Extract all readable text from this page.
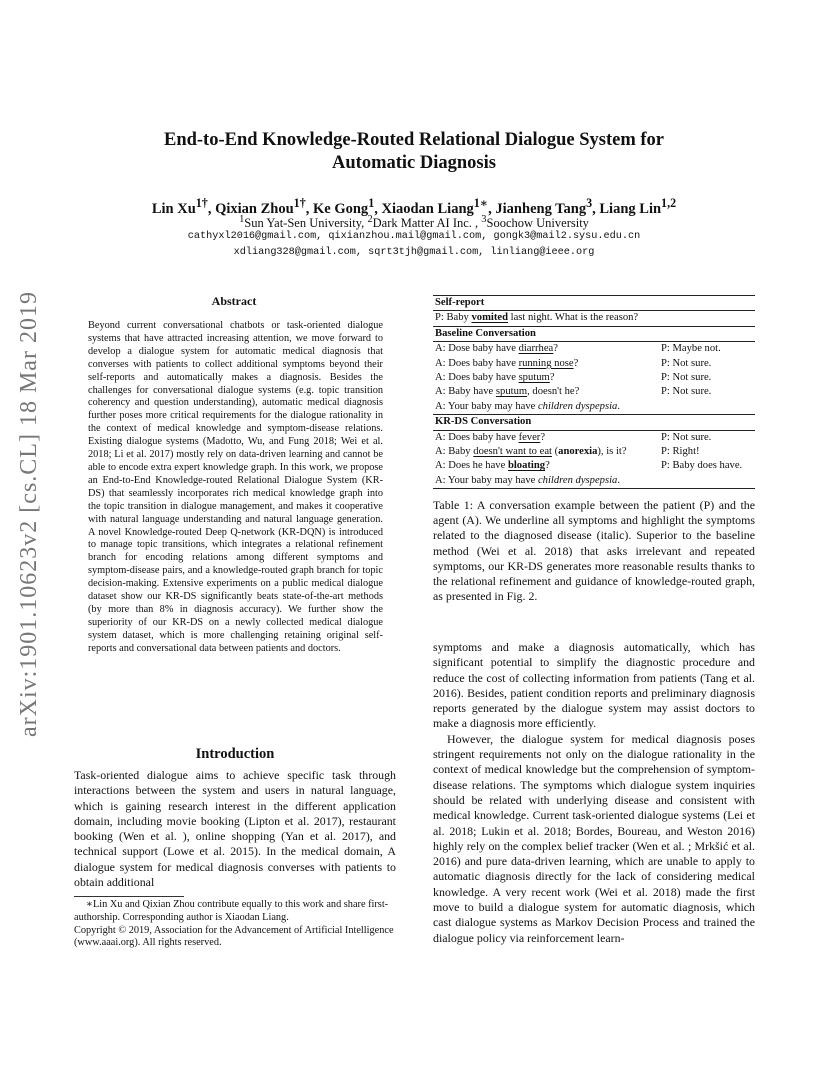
arXiv:1901.10623v2 [cs.CL] 18 Mar 2019
End-to-End Knowledge-Routed Relational Dialogue System for
Automatic Diagnosis
Lin $Xu^{1\dagger}$, Qixian Zhou$^{1\dagger}$, Ke Gong$^1$, Xiaodan Liang$^{1∗}$, Jianheng Tang$^3$, Liang Lin$^{1,2}$
$^1$Sun Yat-Sen University, $^2$Dark Matter AI Inc. , $^3$Soochow University
cathyxl2016@gmail.com, qixianzhou.mail@gmail.com, gongk3@mail2.sysu.edu.cn
xdliang328@gmail.com, sqrt3tjh@gmail.com, linliang@ieee.org
Abstract
Beyond current conversational chatbots or task-oriented dialogue systems that have attracted increasing attention, we move forward to develop a dialogue system for automatic medical diagnosis that converses with patients to collect additional symptoms beyond their self-reports and automatically makes a diagnosis. Besides the challenges for conversational dialogue systems (e.g. topic transition coherency and question understanding), automatic medical diagnosis further poses more critical requirements for the dialogue rationality in the context of medical knowledge and symptom-disease relations. Existing dialogue systems (Madotto, Wu, and Fung 2018; Wei et al. 2018; Li et al. 2017) mostly rely on data-driven learning and cannot be able to encode extra expert knowledge graph. In this work, we propose an End-to-End Knowledge-routed Relational Dialogue System (KR-DS) that seamlessly incorporates rich medical knowledge graph into the topic transition in dialogue management, and makes it cooperative with natural language understanding and natural language generation. A novel Knowledge-routed Deep Q-network (KR-DQN) is introduced to manage topic transitions, which integrates a relational refinement branch for encoding relations among different symptoms and symptom-disease pairs, and a knowledge-routed graph branch for topic decision-making. Extensive experiments on a public medical dialogue dataset show our KR-DS significantly beats state-of-the-art methods (by more than 8% in diagnosis accuracy). We further show the superiority of our KR-DS on a newly collected medical dialogue system dataset, which is more challenging retaining original self-reports and conversational data between patients and doctors.
Introduction
Task-oriented dialogue aims to achieve specific task through interactions between the system and users in natural language, which is gaining research interest in the different application domain, including movie booking (Lipton et al. 2017), restaurant booking (Wen et al. ), online shopping (Yan et al. 2017), and technical support (Lowe et al. 2015). In the medical domain, A dialogue system for medical diagnosis converses with patients to obtain additional

∗Lin Xu and Qixian Zhou contribute equally to this work and share first-authorship. Corresponding author is Xiaodan Liang.

Copyright © 2019, Association for the Advancement of Artificial Intelligence (www.aaai.org). All rights reserved.

Self-report
P: Baby vomited last night. What is the reason?
Baseline Conversation
A: Dose baby have diarrhea?	P: Maybe not.
A: Does baby have running nose?	P: Not sure.
A: Does baby have sputum?	P: Not sure.
A: Baby have sputum, doesn't he?	P: Not sure.
A: Your baby may have children dyspepsia.
KR-DS Conversation
A: Does baby have fever?	P: Not sure.
A: Baby doesn't want to eat (anorexia), is it?	P: Right!
A: Does he have bloating?	P: Baby does have.
A: Your baby may have children dyspepsia.
Table 1: A conversation example between the patient (P) and the agent (A). We underline all symptoms and highlight the symptoms related to the diagnosed disease (italic). Superior to the baseline method (Wei et al. 2018) that asks irrelevant and repeated symptoms, our KR-DS generates more reasonable results thanks to the relational refinement and guidance of knowledge-routed graph, as presented in Fig. 2.

symptoms and make a diagnosis automatically, which has significant potential to simplify the diagnostic procedure and reduce the cost of collecting information from patients (Tang et al. 2016). Besides, patient condition reports and preliminary diagnosis reports generated by the dialogue system may assist doctors to make a diagnosis more efficiently.

However, the dialogue system for medical diagnosis poses stringent requirements not only on the dialogue rationality in the context of medical knowledge but the comprehension of symptom-disease relations. The symptoms which dialogue system inquiries should be related with underlying disease and consistent with medical knowledge. Current task-oriented dialogue systems (Lei et al. 2018; Lukin et al. 2018; Bordes, Boureau, and Weston 2016) highly rely on the complex belief tracker (Wen et al. ; Mrkšić et al. 2016) and pure data-driven learning, which are unable to apply to automatic diagnosis directly for the lack of considering medical knowledge. A very recent work (Wei et al. 2018) made the first move to build a dialogue system for automatic diagnosis, which cast dialogue systems as Markov Decision Process and trained the dialogue policy via reinforcement learn-
